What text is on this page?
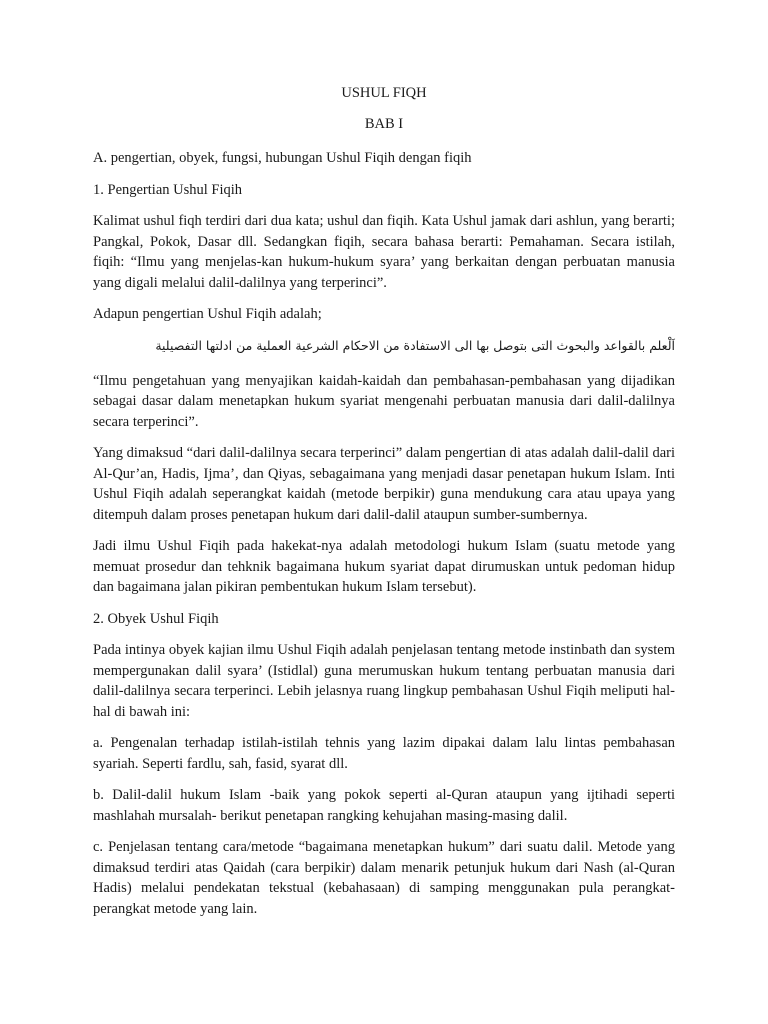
USHUL FIQH
BAB I

A. pengertian, obyek, fungsi, hubungan Ushul Fiqih dengan fiqih

1. Pengertian Ushul Fiqih

Kalimat ushul fiqh terdiri dari dua kata; ushul dan fiqih. Kata Ushul jamak dari ashlun, yang berarti; Pangkal, Pokok, Dasar dll. Sedangkan fiqih, secara bahasa berarti: Pemahaman. Secara istilah, fiqih: “Ilmu yang menjelas-kan hukum-hukum syara’ yang berkaitan dengan perbuatan manusia yang digali melalui dalil-dalilnya yang terperinci”.

Adapun pengertian Ushul Fiqih adalah;

اَلْعلم بالقواعد والبحوث التى بتوصل بها الى الاستفادة من الاحكام الشرعية العملية من ادلتها التفصيلية

“Ilmu pengetahuan yang menyajikan kaidah-kaidah dan pembahasan-pembahasan yang dijadikan sebagai dasar dalam menetapkan hukum syariat mengenahi perbuatan manusia dari dalil-dalilnya secara terperinci”.

Yang dimaksud “dari dalil-dalilnya secara terperinci” dalam pengertian di atas adalah dalil-dalil dari Al-Qur’an, Hadis, Ijma’, dan Qiyas, sebagaimana yang menjadi dasar penetapan hukum Islam. Inti Ushul Fiqih adalah seperangkat kaidah (metode berpikir) guna mendukung cara atau upaya yang ditempuh dalam proses penetapan hukum dari dalil-dalil ataupun sumber-sumbernya.

Jadi ilmu Ushul Fiqih pada hakekat-nya adalah metodologi hukum Islam (suatu metode yang memuat prosedur dan tehknik bagaimana hukum syariat dapat dirumuskan untuk pedoman hidup dan bagaimana jalan pikiran pembentukan hukum Islam tersebut).

2. Obyek Ushul Fiqih

Pada intinya obyek kajian ilmu Ushul Fiqih adalah penjelasan tentang metode instinbath dan system mempergunakan dalil syara’ (Istidlal) guna merumuskan hukum tentang perbuatan manusia dari dalil-dalilnya secara terperinci. Lebih jelasnya ruang lingkup pembahasan Ushul Fiqih meliputi hal-hal di bawah ini:

a. Pengenalan terhadap istilah-istilah tehnis yang lazim dipakai dalam lalu lintas pembahasan syariah. Seperti fardlu, sah, fasid, syarat dll.

b. Dalil-dalil hukum Islam -baik yang pokok seperti al-Quran ataupun yang ijtihadi seperti mashlahah mursalah- berikut penetapan rangking kehujahan masing-masing dalil.

c. Penjelasan tentang cara/metode “bagaimana menetapkan hukum” dari suatu dalil. Metode yang dimaksud terdiri atas Qaidah (cara berpikir) dalam menarik petunjuk hukum dari Nash (al-Quran Hadis) melalui pendekatan tekstual (kebahasaan) di samping menggunakan pula perangkat-perangkat metode yang lain.
